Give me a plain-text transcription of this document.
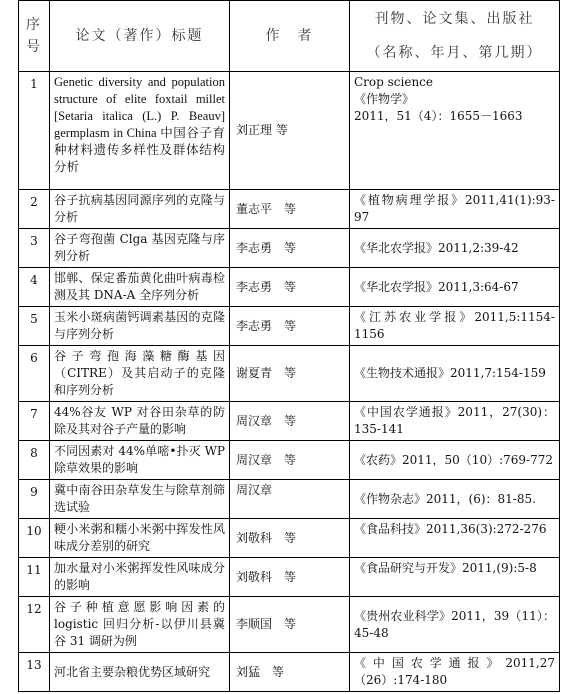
序
号	论文（著作）标题	作　者	刊物、论文集、出版社
（名称、年月、第几期）
1	Genetic diversity and population structure of elite foxtail millet [Setaria italica (L.) P. Beauv] germplasm in China 中国谷子育种材料遗传多样性及群体结构分析	刘正理 等	Crop science
《作物学》
2011，51（4）：1655－1663
2	谷子抗病基因同源序列的克隆与分析	董志平　等	《植物病理学报》2011,41(1):93-97
3	谷子弯孢菌 Clga 基因克隆与序列分析	李志勇　等	《华北农学报》2011,2:39-42
4	邯郸、保定番茄黄化曲叶病毒检测及其 DNA-A 全序列分析	李志勇　等	《华北农学报》2011,3:64-67
5	玉米小斑病菌钙调素基因的克隆与序列分析	李志勇　等	《江苏农业学报》2011,5:1154-1156
6	谷子弯孢海藻糖酶基因（CITRE）及其启动子的克隆和序列分析	谢夏青　等	《生物技术通报》2011,7:154-159
7	44%谷友 WP 对谷田杂草的防除及其对谷子产量的影响	周汉章　等	《中国农学通报》2011，27(30)：135-141
8	不同因素对 44%单嘧•扑灭 WP 除草效果的影响	周汉章　等	《农药》2011，50（10）:769-772
9	冀中南谷田杂草发生与除草剂筛选试验	周汉章	《作物杂志》2011，(6)：81-85.
10	粳小米粥和糯小米粥中挥发性风味成分差别的研究	刘敬科　等	《食品科技》2011,36(3):272-276
11	加水量对小米粥挥发性风味成分的影响	刘敬科　等	《食品研究与开发》2011,(9):5-8
12	谷子种植意愿影响因素的logistic 回归分析-以伊川县冀谷 31 调研为例	李顺国　等	《贵州农业科学》2011，39（11）：45-48
13	河北省主要杂粮优势区域研究	刘猛　等	《中国农学通报》2011,27（26）:174-180
